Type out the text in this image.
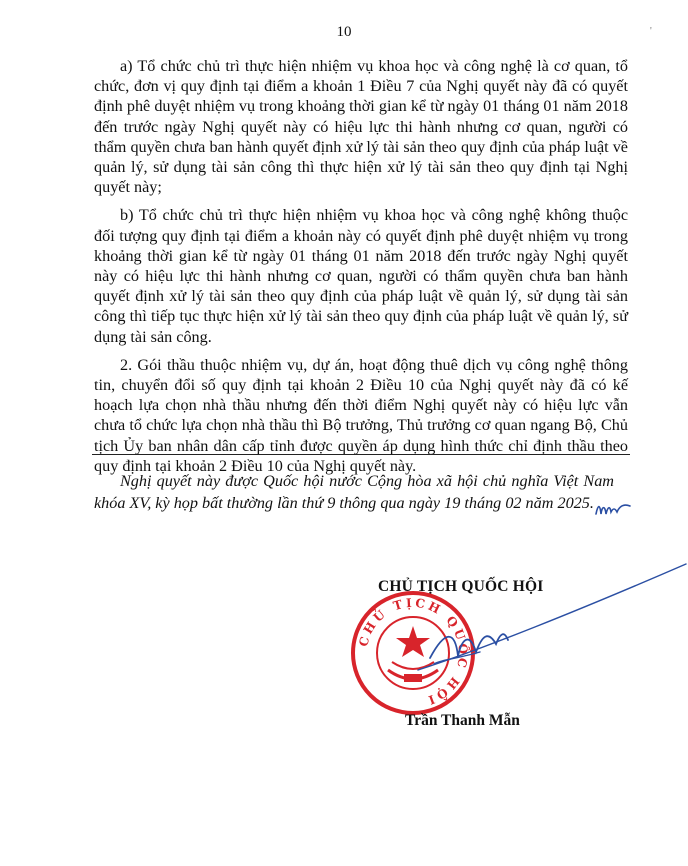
10	'

a) Tổ chức chủ trì thực hiện nhiệm vụ khoa học và công nghệ là cơ quan, tổ chức, đơn vị quy định tại điểm a khoản 1 Điều 7 của Nghị quyết này đã có quyết định phê duyệt nhiệm vụ trong khoảng thời gian kể từ ngày 01 tháng 01 năm 2018 đến trước ngày Nghị quyết này có hiệu lực thi hành nhưng cơ quan, người có thẩm quyền chưa ban hành quyết định xử lý tài sản theo quy định của pháp luật về quản lý, sử dụng tài sản công thì thực hiện xử lý tài sản theo quy định tại Nghị quyết này;

b) Tổ chức chủ trì thực hiện nhiệm vụ khoa học và công nghệ không thuộc đối tượng quy định tại điểm a khoản này có quyết định phê duyệt nhiệm vụ trong khoảng thời gian kể từ ngày 01 tháng 01 năm 2018 đến trước ngày Nghị quyết này có hiệu lực thi hành nhưng cơ quan, người có thẩm quyền chưa ban hành quyết định xử lý tài sản theo quy định của pháp luật về quản lý, sử dụng tài sản công thì tiếp tục thực hiện xử lý tài sản theo quy định của pháp luật về quản lý, sử dụng tài sản công.

2. Gói thầu thuộc nhiệm vụ, dự án, hoạt động thuê dịch vụ công nghệ thông tin, chuyển đổi số quy định tại khoản 2 Điều 10 của Nghị quyết này đã có kế hoạch lựa chọn nhà thầu nhưng đến thời điểm Nghị quyết này có hiệu lực vẫn chưa tổ chức lựa chọn nhà thầu thì Bộ trưởng, Thủ trưởng cơ quan ngang Bộ, Chủ tịch Ủy ban nhân dân cấp tỉnh được quyền áp dụng hình thức chỉ định thầu theo quy định tại khoản 2 Điều 10 của Nghị quyết này.

Nghị quyết này được Quốc hội nước Cộng hòa xã hội chủ nghĩa Việt Nam khóa XV, kỳ họp bất thường lần thứ 9 thông qua ngày 19 tháng 02 năm 2025.
CHỦ TỊCH QUỐC HỘI
CHỦ TỊCH QUỐC HỘI
Trần Thanh Mẫn
